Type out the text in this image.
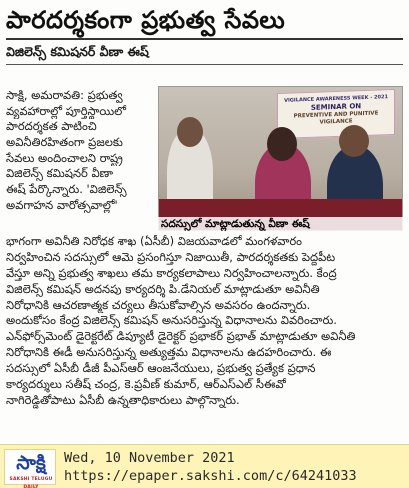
పారదర్శకంగా ప్రభుత్వ సేవలు
విజిలెన్స్‌ కమిషనర్‌ వీణా ఈష్‌
సాక్షి, అమరావతి: ప్రభుత్వ
వ్యవహారాల్లో పూర్తిస్థాయిలో
పారదర్శకత పాటించి
అవినీతిరహితంగా ప్రజలకు
సేవలు అందించాలని రాష్ట్ర
విజిలెన్స్‌ కమిషనర్‌ వీణా
ఈష్‌ పేర్కొన్నారు. 'విజిలెన్స్‌
అవగాహన వారోత్సవాల్లో'
VIGILANCE AWARENESS WEEK - 2021
SEMINAR ON
PREVENTIVE AND PUNITIVE VIGILANCE
సదస్సులో మాట్లాడుతున్న వీణా ఈష్‌
భాగంగా అవినీతి నిరోధక శాఖ (ఏసీబీ) విజయవాడలో మంగళవారం
నిర్వహించిన సదస్సులో ఆమె ప్రసంగిస్తూ నిజాయితీ, పారదర్శకతకు పెద్దపీట
వేస్తూ అన్ని ప్రభుత్వ శాఖలు తమ కార్యకలాపాలు నిర్వహించాలన్నారు. కేంద్ర
విజిలెన్స్‌ కమిషన్‌ అదనపు కార్యదర్శి పి.డేనియల్‌ మాట్లాడుతూ అవినీతి
నిరోధానికి ఆచరణాత్మక చర్యలు తీసుకోవాల్సిన అవసరం ఉందన్నారు.
అందుకోసం కేంద్ర విజిలెన్స్‌ కమిషన్‌ అనుసరిస్తున్న విధానాలను వివరించారు.
ఎన్‌ఫోర్స్‌మెంట్‌ డైరెక్టరేట్‌ డిప్యూటీ డైరెక్టర్‌ ప్రభాకర్‌ ప్రభాత్‌ మాట్లాడుతూ అవినీతి
నిరోధానికి ఈడీ అనుసరిస్తున్న అత్యుత్తమ విధానాలను ఉదహరించారు. ఈ
సదస్సులో ఏసీబీ డీజీ పీఎస్‌ఆర్‌ ఆంజనేయులు, ప్రభుత్వ ప్రత్యేక ప్రధాన
కార్యదర్శులు సతీష్‌ చంద్ర, కె.ప్రవీణ్‌ కుమార్‌, ఆర్‌ఎస్‌ఎల్‌ సీఈవో
నాగిరెడ్డితోపాటు ఏసీబీ ఉన్నతాధికారులు పాల్గొన్నారు.
సాక్షి
SAKSHI TELUGU DAILY
Wed, 10 November 2021
https://epaper.sakshi.com/c/64241033
